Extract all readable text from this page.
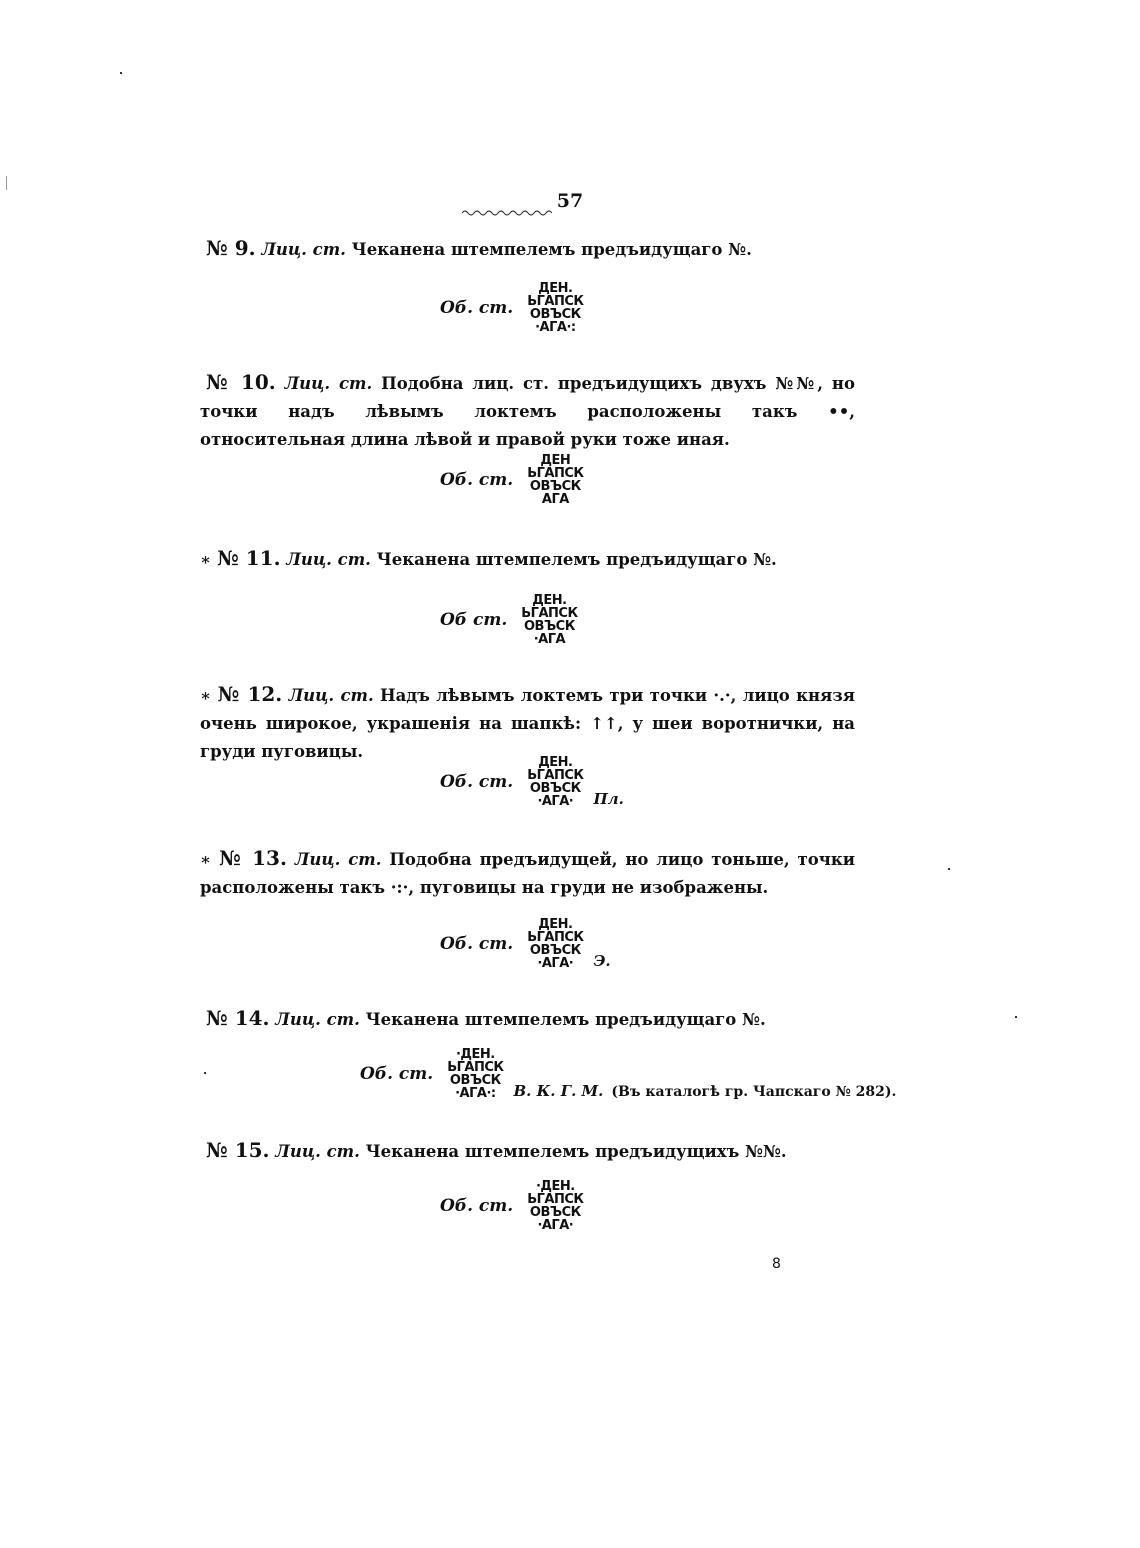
57
№ 9. Лиц. ст. Чеканена штемпелемъ предъидущаго №.
Об. ст.
ДЕН.
ЬГАПСК
ОВЪСК
·АГА·:
№ 10. Лиц. ст. Подобна лиц. ст. предъидущихъ двухъ №№, но точки надъ лѣвымъ локтемъ расположены такъ ••, относительная длина лѣвой и правой руки тоже иная.
Об. ст.
ДЕН
ЬГАПСК
ОВЪСК
АГА
∗ № 11. Лиц. ст. Чеканена штемпелемъ предъидущаго №.
Об ст.
ДЕН.
ЬГАПСК
ОВЪСК
·АГА
∗ № 12. Лиц. ст. Надъ лѣвымъ локтемъ три точки ·.·, лицо князя очень широкое, украшенія на шапкѣ: ↑↑, у шеи воротнички, на груди пуговицы.
Об. ст.
ДЕН.
ЬГАПСК
ОВЪСК
·АГА·	Пл.
∗ № 13. Лиц. ст. Подобна предъидущей, но лицо тоньше, точки расположены такъ ·:·, пуговицы на груди не изображены.
Об. ст.
ДЕН.
ЬГАПСК
ОВЪСК
·АГА·	Э.
№ 14. Лиц. ст. Чеканена штемпелемъ предъидущаго №.
Об. ст.
·ДЕН.
ЬГАПСК
ОВЪСК
·АГА·:	В. К. Г. М. (Въ каталогѣ гр. Чапскаго № 282).
№ 15. Лиц. ст. Чеканена штемпелемъ предъидущихъ №№.
Об. ст.
·ДЕН.
ЬГАПСК
ОВЪСК
·АГА·
8
